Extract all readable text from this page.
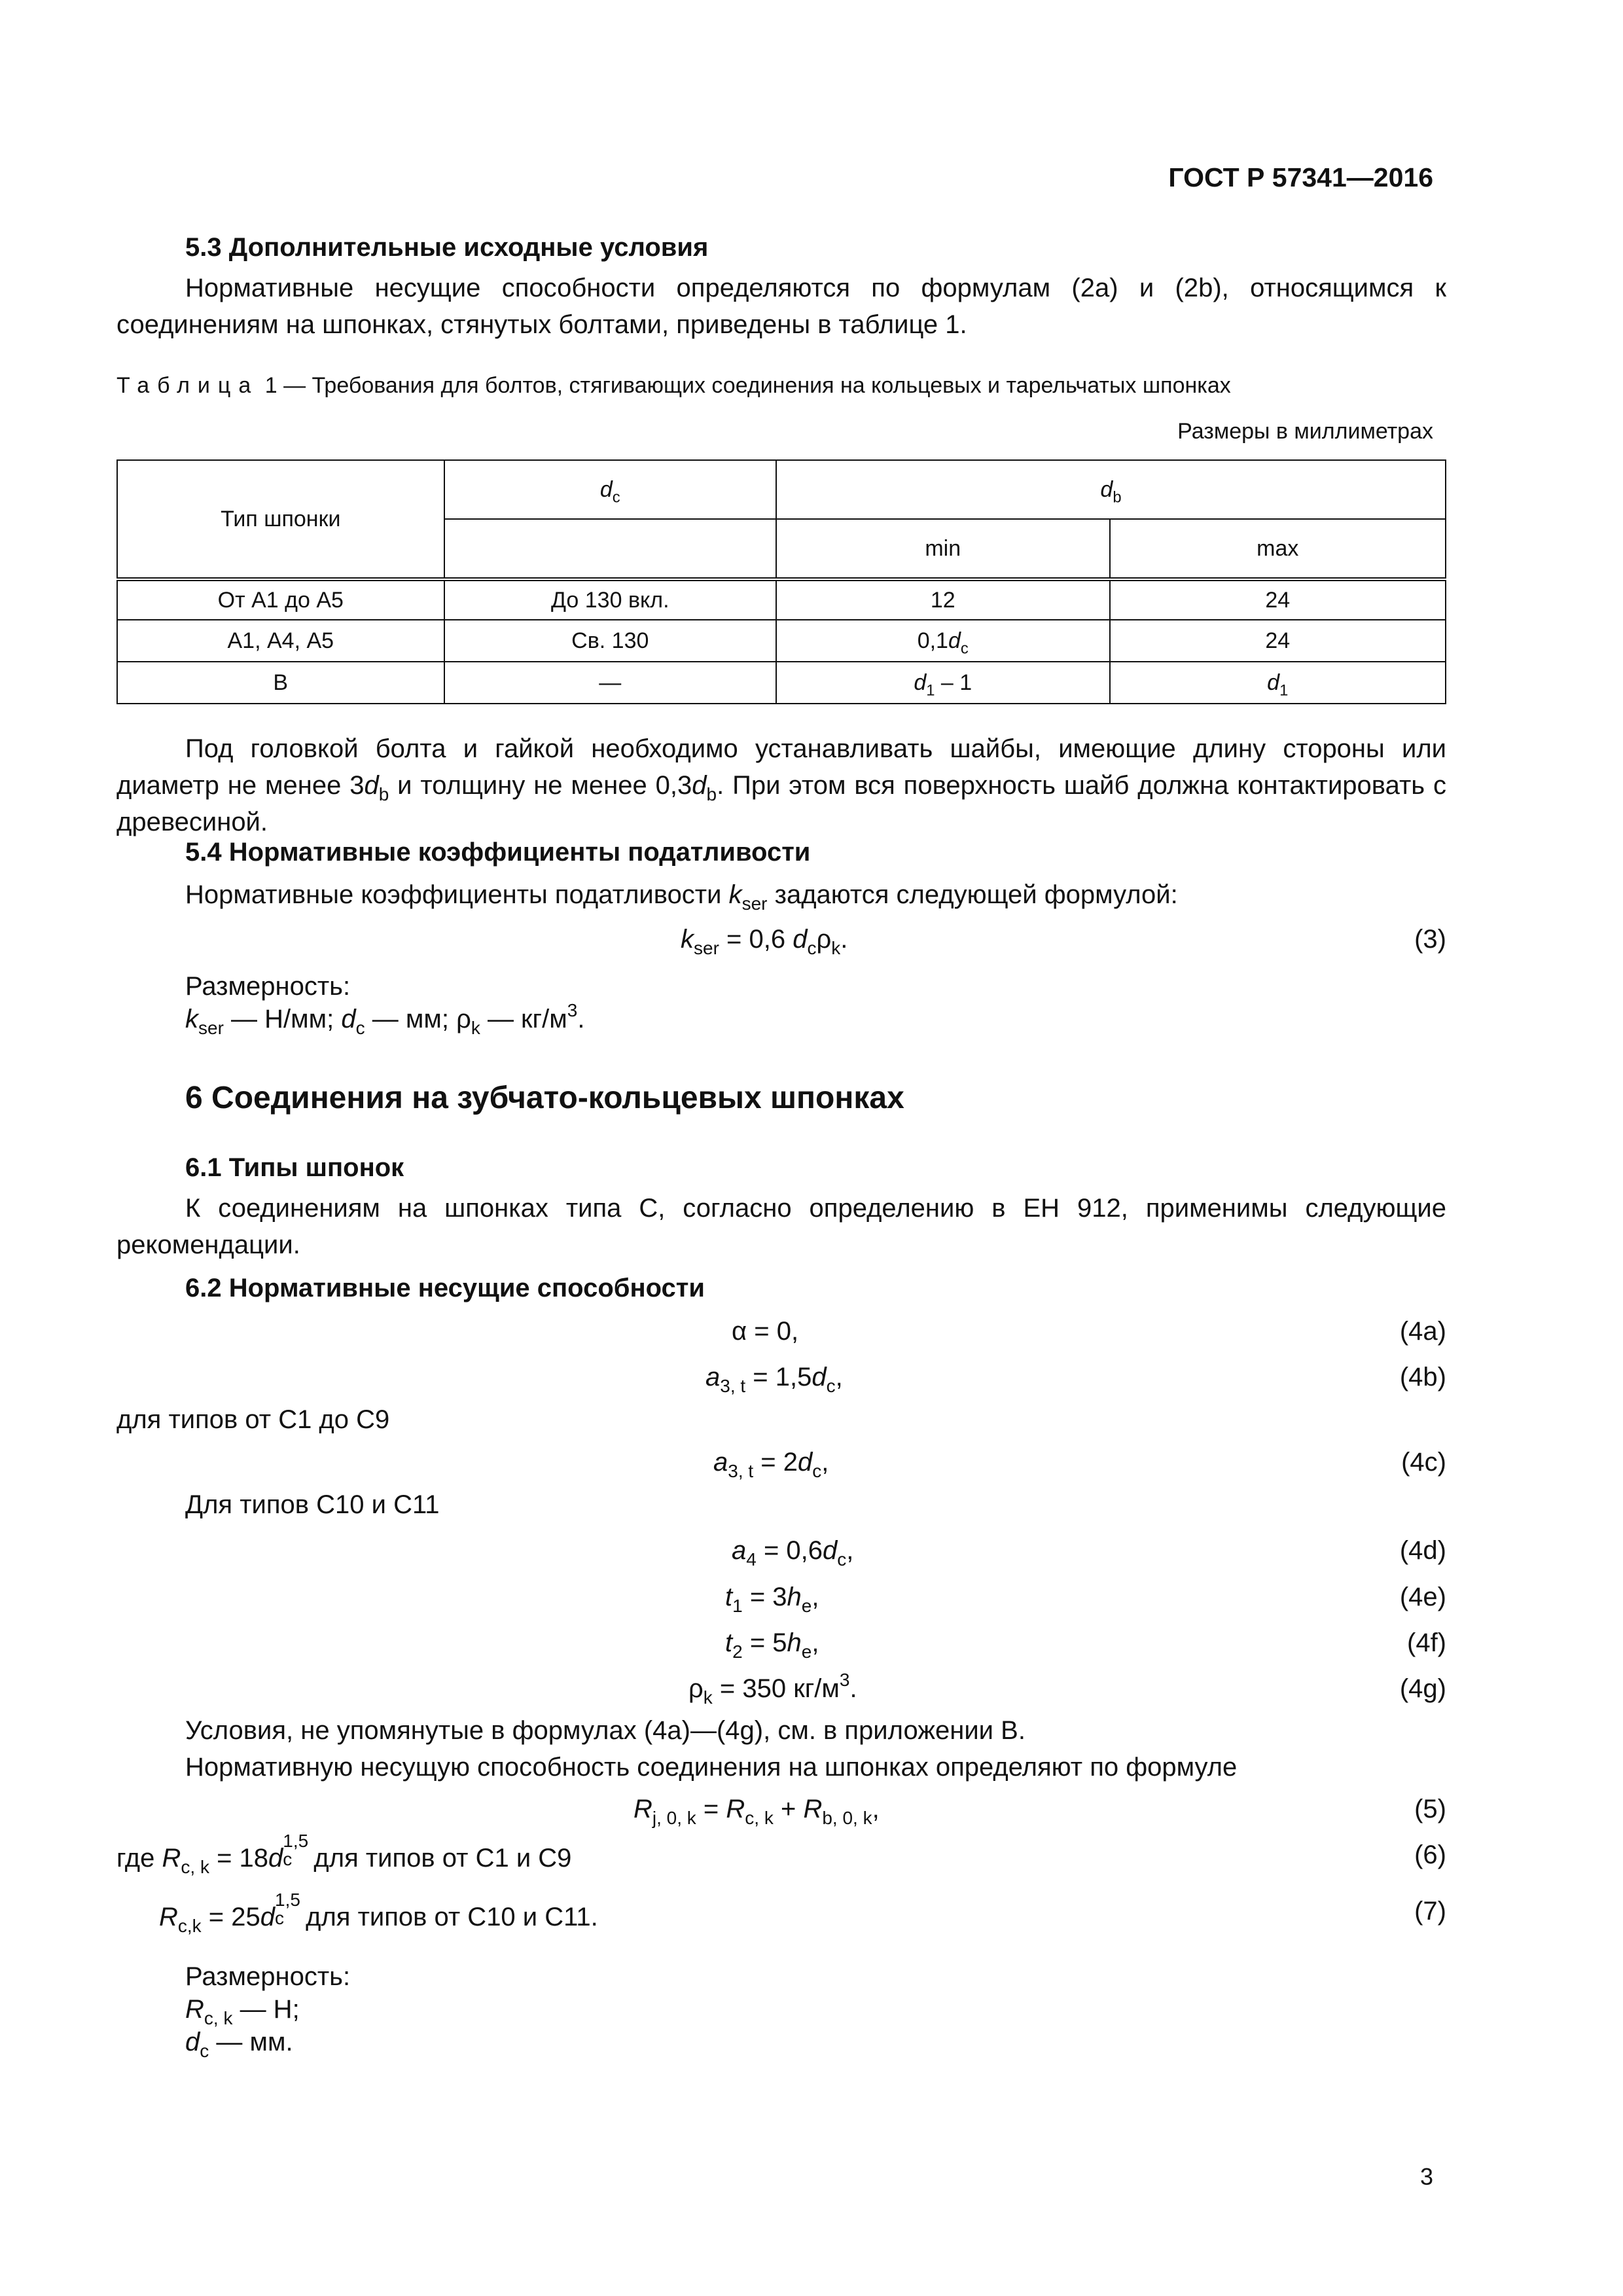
ГОСТ Р 57341—2016
5.3 Дополнительные исходные условия
Нормативные несущие способности определяются по формулам (2a) и (2b), относящимся к соединениям на шпонках, стянутых болтами, приведены в таблице 1.
Таблица 1 — Требования для болтов, стягивающих соединения на кольцевых и тарельчатых шпонках
Размеры в миллиметрах
Тип шпонки	$d_c$	$d_b$
		min	max
От А1 до А5	До 130 вкл.	12	24
А1, А4, А5	Св. 130	$0,1d_c$	24
В	—	$d_1 - 1$	$d_1$
Под головкой болта и гайкой необходимо устанавливать шайбы, имеющие длину стороны или диаметр не менее $3d_b$ и толщину не менее $0,3d_b$. При этом вся поверхность шайб должна контактировать с древесиной.
5.4 Нормативные коэффициенты податливости
Нормативные коэффициенты податливости $k_{ser}$ задаются следующей формулой:
$k_{ser} = 0,6$ $d_c\rho_k$.	(3)
Размерность:
$k_{ser}$ — Н/мм; $d_c$ — мм; $\rho_k$ — $кг/м^3$.
6 Соединения на зубчато-кольцевых шпонках
6.1 Типы шпонок
К соединениям на шпонках типа С, согласно определению в ЕН 912, применимы следующие рекомендации.
6.2 Нормативные несущие способности
α = 0,	(4a)
$a_{3, t} = 1,5d_c$,	(4b)
для типов от С1 до С9
$a_{3, t} = 2d_c$,	(4c)
Для типов С10 и С11
$a_4 = 0,6d_c$,	(4d)
$t_1 = 3h_e$,	(4e)
$t_2 = 5h_e$,	(4f)
$\rho_k = 350$ $кг/м^3$.	(4g)
Условия, не упомянутые в формулах (4a)—(4g), см. в приложении В.
Нормативную несущую способность соединения на шпонках определяют по формуле
$R_{j, 0, k} = R_{c, k} + R_{b, 0, k}$,	(5)
где $R_{c, k} = 18d$
1,5
c для типов от С1 и С9	(6)
$R_{c,k} = 25d$
1,5
c для типов от С10 и С11.	(7)
Размерность:
$R_{c, k}$ — Н;
$d_c$ — мм.
3
